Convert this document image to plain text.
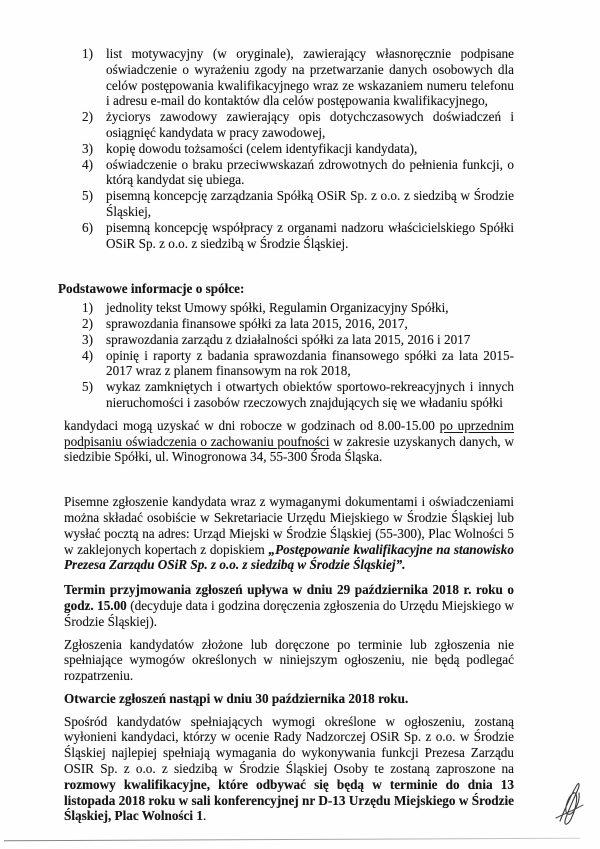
1) list motywacyjny (w oryginale), zawierający własnoręcznie podpisane oświadczenie o wyrażeniu zgody na przetwarzanie danych osobowych dla celów postępowania kwalifikacyjnego wraz ze wskazaniem numeru telefonu i adresu e-mail do kontaktów dla celów postępowania kwalifikacyjnego,
2) życiorys zawodowy zawierający opis dotychczasowych doświadczeń i osiągnięć kandydata w pracy zawodowej,
3) kopię dowodu tożsamości (celem identyfikacji kandydata),
4) oświadczenie o braku przeciwwskazań zdrowotnych do pełnienia funkcji, o którą kandydat się ubiega.
5) pisemną koncepcję zarządzania Spółką OSiR Sp. z o.o. z siedzibą w Środzie Śląskiej,
6) pisemną koncepcję współpracy z organami nadzoru właścicielskiego Spółki OSiR Sp. z o.o. z siedzibą w Środzie Śląskiej.
Podstawowe informacje o spółce:
1) jednolity tekst Umowy spółki, Regulamin Organizacyjny Spółki,
2) sprawozdania finansowe spółki za lata 2015, 2016, 2017,
3) sprawozdania zarządu z działalności spółki za lata 2015, 2016 i 2017
4) opinię i raporty z badania sprawozdania finansowego spółki za lata 2015-2017 wraz z planem finansowym na rok 2018,
5) wykaz zamkniętych i otwartych obiektów sportowo-rekreacyjnych i innych nieruchomości i zasobów rzeczowych znajdujących się we władaniu spółki
kandydaci mogą uzyskać w dni robocze w godzinach od 8.00-15.00 po uprzednim podpisaniu oświadczenia o zachowaniu poufności w zakresie uzyskanych danych, w siedzibie Spółki, ul. Winogronowa 34, 55-300 Środa Śląska.
Pisemne zgłoszenie kandydata wraz z wymaganymi dokumentami i oświadczeniami można składać osobiście w Sekretariacie Urzędu Miejskiego w Środzie Śląskiej lub wysłać pocztą na adres: Urząd Miejski w Środzie Śląskiej (55-300), Plac Wolności 5 w zaklejonych kopertach z dopiskiem „Postępowanie kwalifikacyjne na stanowisko Prezesa Zarządu OSiR Sp. z o.o. z siedzibą w Środzie Śląskiej”.
Termin przyjmowania zgłoszeń upływa w dniu 29 października 2018 r. roku o godz. 15.00 (decyduje data i godzina doręczenia zgłoszenia do Urzędu Miejskiego w Środzie Śląskiej).
Zgłoszenia kandydatów złożone lub doręczone po terminie lub zgłoszenia nie spełniające wymogów określonych w niniejszym ogłoszeniu, nie będą podlegać rozpatrzeniu.
Otwarcie zgłoszeń nastąpi w dniu 30 października 2018 roku.
Spośród kandydatów spełniających wymogi określone w ogłoszeniu, zostaną wyłonieni kandydaci, którzy w ocenie Rady Nadzorczej OSiR Sp. z o.o. w Środzie Śląskiej najlepiej spełniają wymagania do wykonywania funkcji Prezesa Zarządu OSIR Sp. z o.o. z siedzibą w Środzie Śląskiej Osoby te zostaną zaproszone na rozmowy kwalifikacyjne, które odbywać się będą w terminie do dnia 13 listopada 2018 roku w sali konferencyjnej nr D-13 Urzędu Miejskiego w Środzie Śląskiej, Plac Wolności 1.
